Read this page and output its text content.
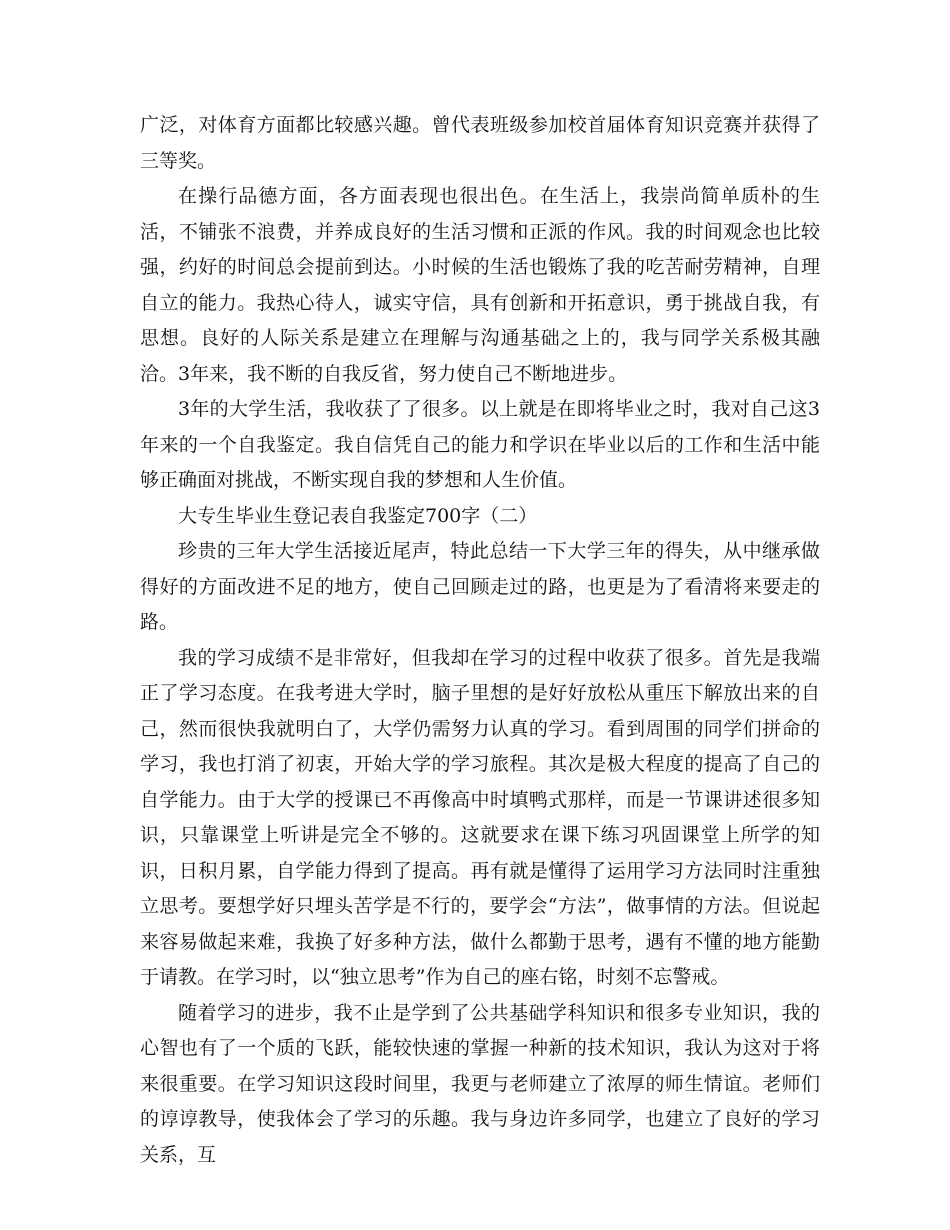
广泛，对体育方面都比较感兴趣。曾代表班级参加校首届体育知识竞赛并获得了三等奖。

在操行品德方面，各方面表现也很出色。在生活上，我崇尚简单质朴的生活，不铺张不浪费，并养成良好的生活习惯和正派的作风。我的时间观念也比较强，约好的时间总会提前到达。小时候的生活也锻炼了我的吃苦耐劳精神，自理自立的能力。我热心待人，诚实守信，具有创新和开拓意识，勇于挑战自我，有思想。良好的人际关系是建立在理解与沟通基础之上的，我与同学关系极其融洽。3年来，我不断的自我反省，努力使自己不断地进步。

3年的大学生活，我收获了了很多。以上就是在即将毕业之时，我对自己这3年来的一个自我鉴定。我自信凭自己的能力和学识在毕业以后的工作和生活中能够正确面对挑战，不断实现自我的梦想和人生价值。

大专生毕业生登记表自我鉴定700字（二）

珍贵的三年大学生活接近尾声，特此总结一下大学三年的得失，从中继承做得好的方面改进不足的地方，使自己回顾走过的路，也更是为了看清将来要走的路。

我的学习成绩不是非常好，但我却在学习的过程中收获了很多。首先是我端正了学习态度。在我考进大学时，脑子里想的是好好放松从重压下解放出来的自己，然而很快我就明白了，大学仍需努力认真的学习。看到周围的同学们拼命的学习，我也打消了初衷，开始大学的学习旅程。其次是极大程度的提高了自己的自学能力。由于大学的授课已不再像高中时填鸭式那样，而是一节课讲述很多知识，只靠课堂上听讲是完全不够的。这就要求在课下练习巩固课堂上所学的知识，日积月累，自学能力得到了提高。再有就是懂得了运用学习方法同时注重独立思考。要想学好只埋头苦学是不行的，要学会“方法”，做事情的方法。但说起来容易做起来难，我换了好多种方法，做什么都勤于思考，遇有不懂的地方能勤于请教。在学习时，以“独立思考”作为自己的座右铭，时刻不忘警戒。

随着学习的进步，我不止是学到了公共基础学科知识和很多专业知识，我的心智也有了一个质的飞跃，能较快速的掌握一种新的技术知识，我认为这对于将来很重要。在学习知识这段时间里，我更与老师建立了浓厚的师生情谊。老师们的谆谆教导，使我体会了学习的乐趣。我与身边许多同学，也建立了良好的学习关系，互
